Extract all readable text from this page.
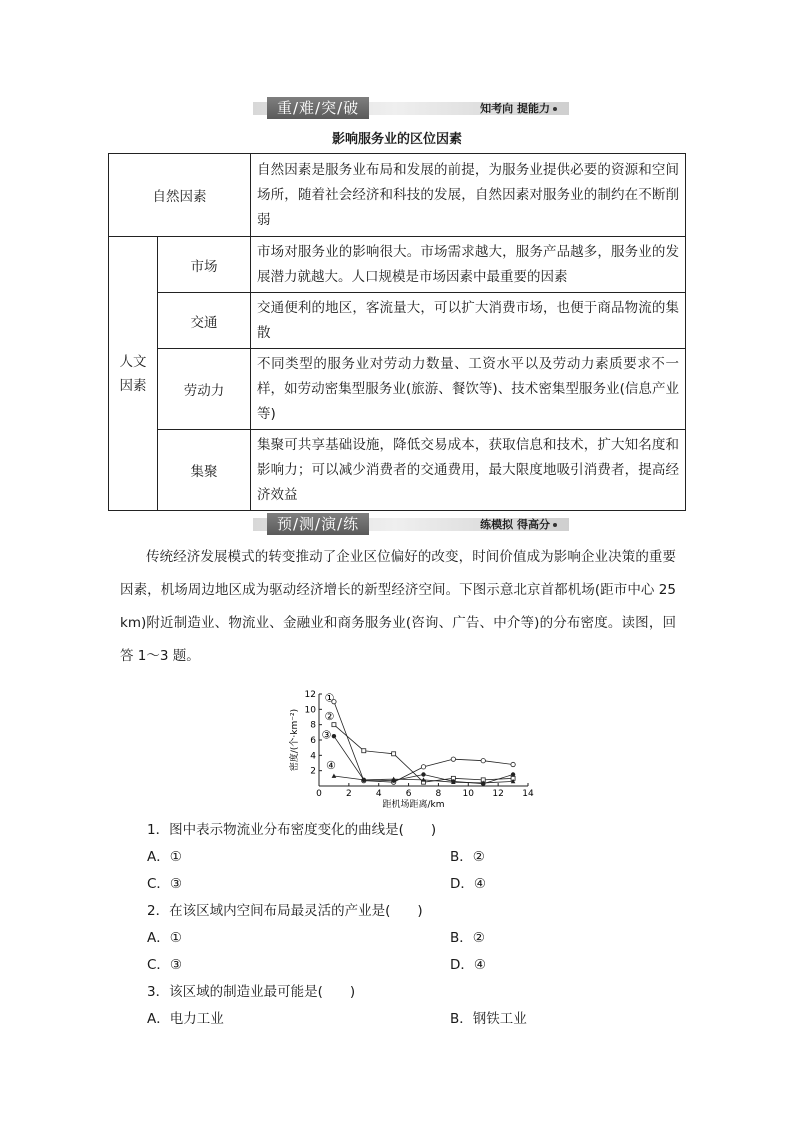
重/难/突/破	知考向 提能力
影响服务业的区位因素
自然因素		自然因素是服务业布局和发展的前提，为服务业提供必要的资源和空间场所，随着社会经济和科技的发展，自然因素对服务业的制约在不断削弱
人文
因素	市场	市场对服务业的影响很大。市场需求越大，服务产品越多，服务业的发展潜力就越大。人口规模是市场因素中最重要的因素
	交通	交通便利的地区，客流量大，可以扩大消费市场，也便于商品物流的集散
	劳动力	不同类型的服务业对劳动力数量、工资水平以及劳动力素质要求不一样，如劳动密集型服务业(旅游、餐饮等)、技术密集型服务业(信息产业等)
	集聚	集聚可共享基础设施，降低交易成本，获取信息和技术，扩大知名度和影响力；可以减少消费者的交通费用，最大限度地吸引消费者，提高经济效益
预/测/演/练	练模拟 得高分
传统经济发展模式的转变推动了企业区位偏好的改变，时间价值成为影响企业决策的重要因素，机场周边地区成为驱动经济增长的新型经济空间。下图示意北京首都机场(距市中心 25 km)附近制造业、物流业、金融业和商务服务业(咨询、广告、中介等)的分布密度。读图，回答 1～3 题。
0	2	4	6	8 10 12 14
2
4
6
8
10
12
距机场距离/km
密度/(个·km⁻²)
①
②
③
④
1．图中表示物流业分布密度变化的曲线是(　　)
A．①	B．②
C．③	D．④
2．在该区域内空间布局最灵活的产业是(　　)
A．①	B．②
C．③	D．④
3．该区域的制造业最可能是(　　)
A．电力工业	B．钢铁工业
